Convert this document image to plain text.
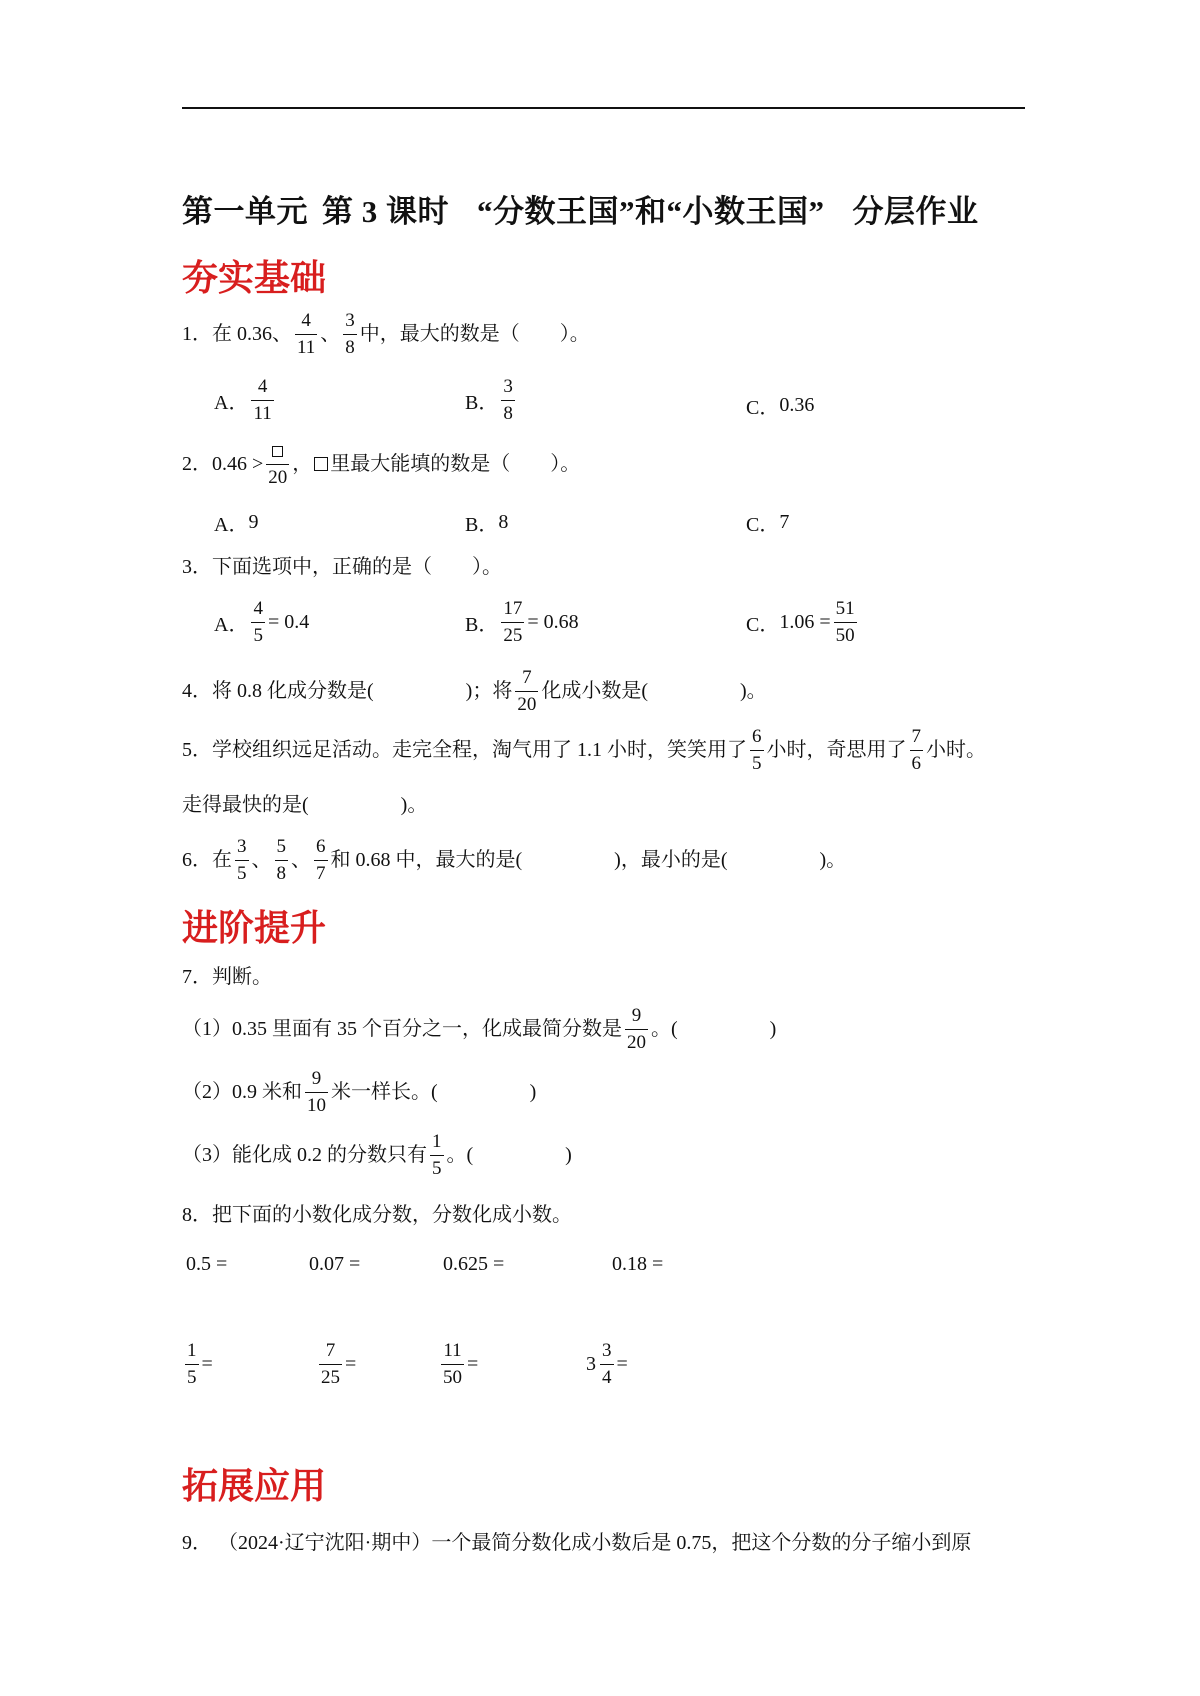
第一单元 第 3 课时 “分数王国”和“小数王国” 分层作业
夯实基础
1． 在 0.36、 $\frac{4}{11}$ 、 $\frac{3}{8}$ 中，最大的数是（　　）。
A． $\frac{4}{11}$	B． $\frac{3}{8}$	C． 0.36
2． 0.46 >
20
， 里最大能填的数是（　　）。
A． 9	B． 8	C． 7
3． 下面选项中，正确的是（　　）。
A． $\frac{4}{5} = 0.4$	B． $\frac{17}{25} = 0.68$	C． $1.06 = \frac{51}{50}$
4． 将 0.8 化成分数是(	)；将 $\frac{7}{20}$ 化成小数是(	)。
5． 学校组织远足活动。走完全程，淘气用了 1.1 小时，笑笑用了 $\frac{6}{5}$ 小时，奇思用了 $\frac{7}{6}$ 小时。
走得最快的是(	)。
6． 在 $\frac{3}{5}$ 、 $\frac{5}{8}$ 、 $\frac{6}{7}$ 和 0.68 中，最大的是(	)，最小的是(	)。
进阶提升
7． 判断。
（1）0.35 里面有 35 个百分之一，化成最简分数是 $\frac{9}{20}$ 。(	)
（2）0.9 米和 $\frac{9}{10}$ 米一样长。(	)
（3）能化成 0.2 的分数只有 $\frac{1}{5}$ 。(	)
8． 把下面的小数化成分数，分数化成小数。
0.5 =	0.07 =	0.625 =	0.18 =
$\frac{1}{5}$ =	$\frac{7}{25}$ =	$\frac{11}{50}$ =	$3 \frac{3}{4}$ =
拓展应用
9． （2024·辽宁沈阳·期中）一个最简分数化成小数后是 0.75，把这个分数的分子缩小到原
